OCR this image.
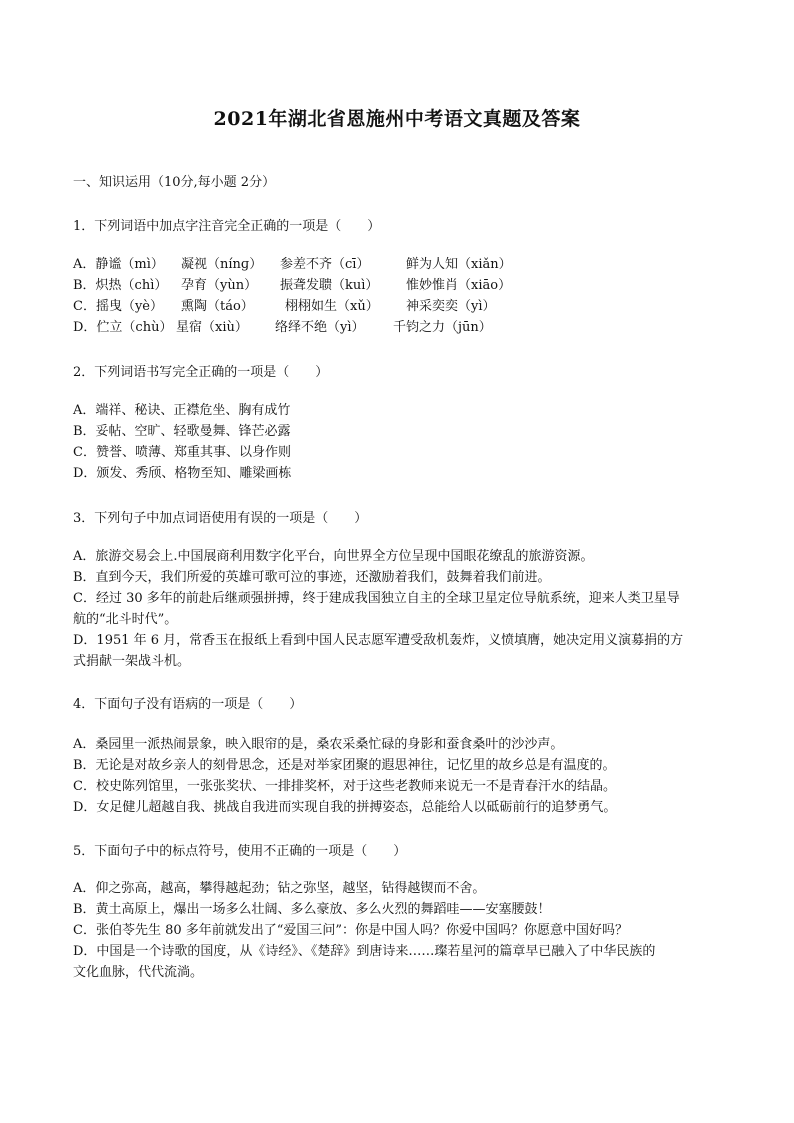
2021年湖北省恩施州中考语文真题及答案
一、知识运用（10分,每小题 2分）
1．下列词语中加点字注音完全正确的一项是（　　）
A．静谧（mì） 凝视（nínɡ） 参差不齐（cī）	鲜为人知（xiǎn）
B．炽热（chì） 孕育（yùn） 振聋发聩（kuì） 惟妙惟肖（xiāo）
C．摇曳（yè） 熏陶（táo） 栩栩如生（xǔ） 神采奕奕（yì）
D．伫立（chù） 星宿（xiù） 络绎不绝（yì） 千钧之力（jūn）
2．下列词语书写完全正确的一项是（　　）
A．端祥、秘诀、正襟危坐、胸有成竹
B．妥帖、空旷、轻歌曼舞、锋芒必露
C．赞誉、喷薄、郑重其事、以身作则
D．颁发、秀颀、格物至知、雕梁画栋
3．下列句子中加点词语使用有误的一项是（　　）
A．旅游交易会上.中国展商利用数字化平台，向世界全方位呈现中国眼花缭乱的旅游资源。
B．直到今天，我们所爱的英雄可歌可泣的事迹，还激励着我们，鼓舞着我们前进。
C．经过 30 多年的前赴后继顽强拼搏，终于建成我国独立自主的全球卫星定位导航系统，迎来人类卫星导
航的“北斗时代”。
D．1951 年 6 月，常香玉在报纸上看到中国人民志愿军遭受敌机轰炸，义愤填膺，她决定用义演募捐的方
式捐献一架战斗机。
4．下面句子没有语病的一项是（　　）
A．桑园里一派热闹景象，映入眼帘的是，桑农采桑忙碌的身影和蚕食桑叶的沙沙声。
B．无论是对故乡亲人的刻骨思念，还是对举家团聚的遐思神往，记忆里的故乡总是有温度的。
C．校史陈列馆里，一张张奖状、一排排奖杯，对于这些老教师来说无一不是青春汗水的结晶。
D．女足健儿超越自我、挑战自我进而实现自我的拼搏姿态，总能给人以砥砺前行的追梦勇气。
5．下面句子中的标点符号，使用不正确的一项是（　　）
A．仰之弥高，越高，攀得越起劲；钻之弥坚，越坚，钻得越锲而不舍。
B．黄土高原上，爆出一场多么壮阔、多么豪放、多么火烈的舞蹈哇——安塞腰鼓！
C．张伯苓先生 80 多年前就发出了“爱国三问”：你是中国人吗？你爱中国吗？你愿意中国好吗？
D．中国是一个诗歌的国度，从《诗经》、《楚辞》到唐诗来……璨若星河的篇章早已融入了中华民族的
文化血脉，代代流淌。
